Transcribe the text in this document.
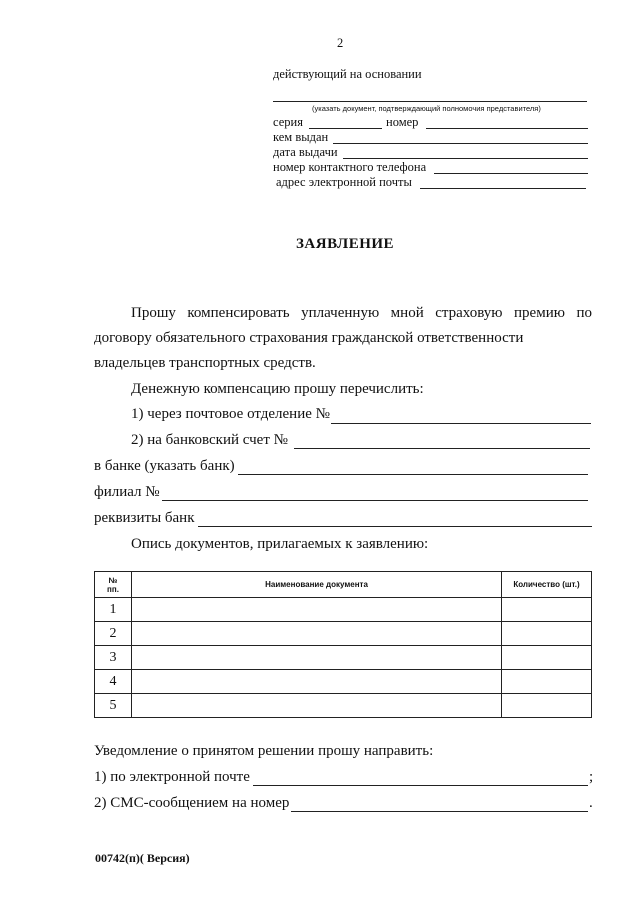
2
действующий на основании
(указать документ, подтверждающий полномочия представителя)
серия	номер
кем выдан
дата выдачи
номер контактного телефона
адрес электронной почты
ЗАЯВЛЕНИЕ
Прошу компенсировать уплаченную мной страховую премию по
договору обязательного страхования гражданской ответственности
владельцев транспортных средств.
Денежную компенсацию прошу перечислить:
1) через почтовое отделение №
2) на банковский счет №
в банке (указать банк)
филиал №
реквизиты банк
Опись документов, прилагаемых к заявлению:
№
пп.	Наименование документа	Количество (шт.)
1		
2		
3		
4		
5		
Уведомление о принятом решении прошу направить:
1) по электронной почте	;
2) СМС-сообщением на номер	.
00742(п)( Версия)
